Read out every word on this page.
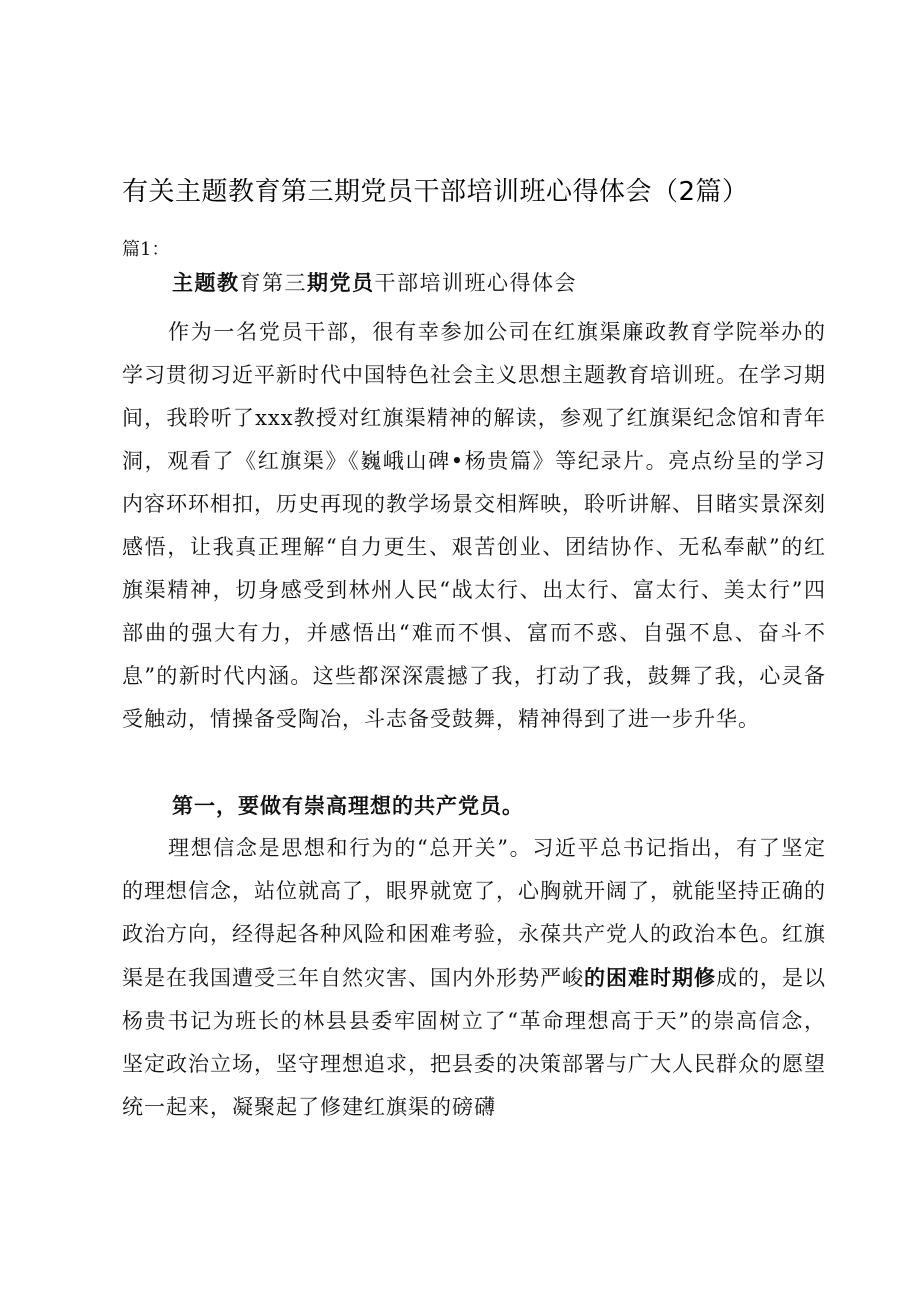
有关主题教育第三期党员干部培训班心得体会（2篇）
篇1：
主题教育第三期党员干部培训班心得体会
作为一名党员干部，很有幸参加公司在红旗渠廉政教育学院举办的学习贯彻习近平新时代中国特色社会主义思想主题教育培训班。在学习期间，我聆听了xxx教授对红旗渠精神的解读，参观了红旗渠纪念馆和青年洞，观看了《红旗渠》《巍峨山碑•杨贵篇》等纪录片。亮点纷呈的学习内容环环相扣，历史再现的教学场景交相辉映，聆听讲解、目睹实景深刻感悟，让我真正理解“自力更生、艰苦创业、团结协作、无私奉献”的红旗渠精神，切身感受到林州人民“战太行、出太行、富太行、美太行”四部曲的强大有力，并感悟出“难而不惧、富而不惑、自强不息、奋斗不息”的新时代内涵。这些都深深震撼了我，打动了我，鼓舞了我，心灵备受触动，情操备受陶冶，斗志备受鼓舞，精神得到了进一步升华。
第一，要做有崇高理想的共产党员。
理想信念是思想和行为的“总开关”。习近平总书记指出，有了坚定的理想信念，站位就高了，眼界就宽了，心胸就开阔了，就能坚持正确的政治方向，经得起各种风险和困难考验，永葆共产党人的政治本色。红旗渠是在我国遭受三年自然灾害、国内外形势严峻的困难时期修成的，是以杨贵书记为班长的林县县委牢固树立了“革命理想高于天”的崇高信念，坚定政治立场，坚守理想追求，把县委的决策部署与广大人民群众的愿望统一起来，凝聚起了修建红旗渠的磅礴
